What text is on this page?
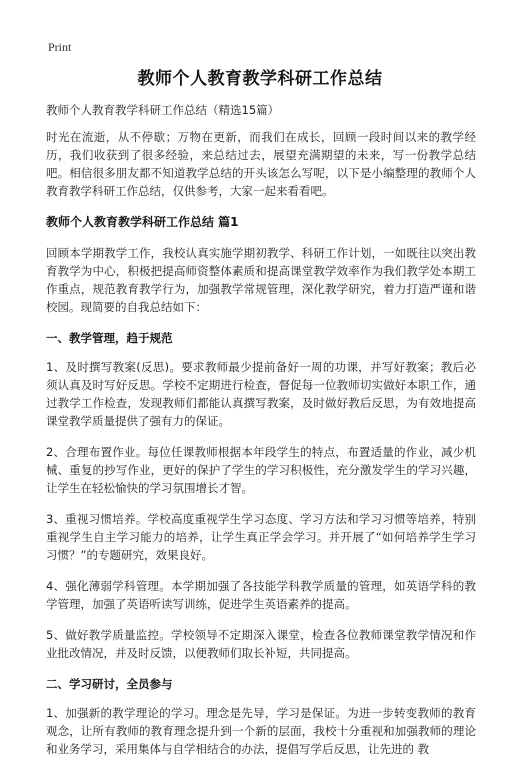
Print
教师个人教育教学科研工作总结
教师个人教育教学科研工作总结（精选15篇）

时光在流逝，从不停歇；万物在更新，而我们在成长，回顾一段时间以来的教学经历，我们收获到了很多经验，来总结过去，展望充满期望的未来，写一份教学总结吧。相信很多朋友都不知道教学总结的开头该怎么写呢，以下是小编整理的教师个人教育教学科研工作总结，仅供参考，大家一起来看看吧。

教师个人教育教学科研工作总结 篇1

回顾本学期教学工作，我校认真实施学期初教学、科研工作计划，一如既往以突出教育教学为中心，积极把提高师资整体素质和提高课堂教学效率作为我们教学处本期工作重点，规范教育教学行为，加强教学常规管理，深化教学研究，着力打造严谨和谐校园。现简要的自我总结如下：

一、教学管理，趋于规范

1、及时撰写教案(反思)。要求教师最少提前备好一周的功课，并写好教案；教后必须认真及时写好反思。学校不定期进行检查，督促每一位教师切实做好本职工作，通过教学工作检查，发现教师们都能认真撰写教案，及时做好教后反思，为有效地提高课堂教学质量提供了强有力的保证。

2、合理布置作业。每位任课教师根据本年段学生的特点，布置适量的作业，减少机械、重复的抄写作业，更好的保护了学生的学习积极性，充分激发学生的学习兴趣，让学生在轻松愉快的学习氛围增长才智。

3、重视习惯培养。学校高度重视学生学习态度、学习方法和学习习惯等培养，特别重视学生自主学习能力的培养，让学生真正学会学习。并开展了“如何培养学生学习习惯？”的专题研究，效果良好。

4、强化薄弱学科管理。本学期加强了各技能学科教学质量的管理，如英语学科的教学管理，加强了英语听读写训练，促进学生英语素养的提高。

5、做好教学质量监控。学校领导不定期深入课堂，检查各位教师课堂教学情况和作业批改情况，并及时反馈，以便教师们取长补短，共同提高。

二、学习研讨，全员参与

1、加强新的教学理论的学习。理念是先导，学习是保证。为进一步转变教师的教育观念，让所有教师的教育理念提升到一个新的层面，我校十分重视和加强教师的理论和业务学习，采用集体与自学相结合的办法，提倡写学后反思，让先进的 教
